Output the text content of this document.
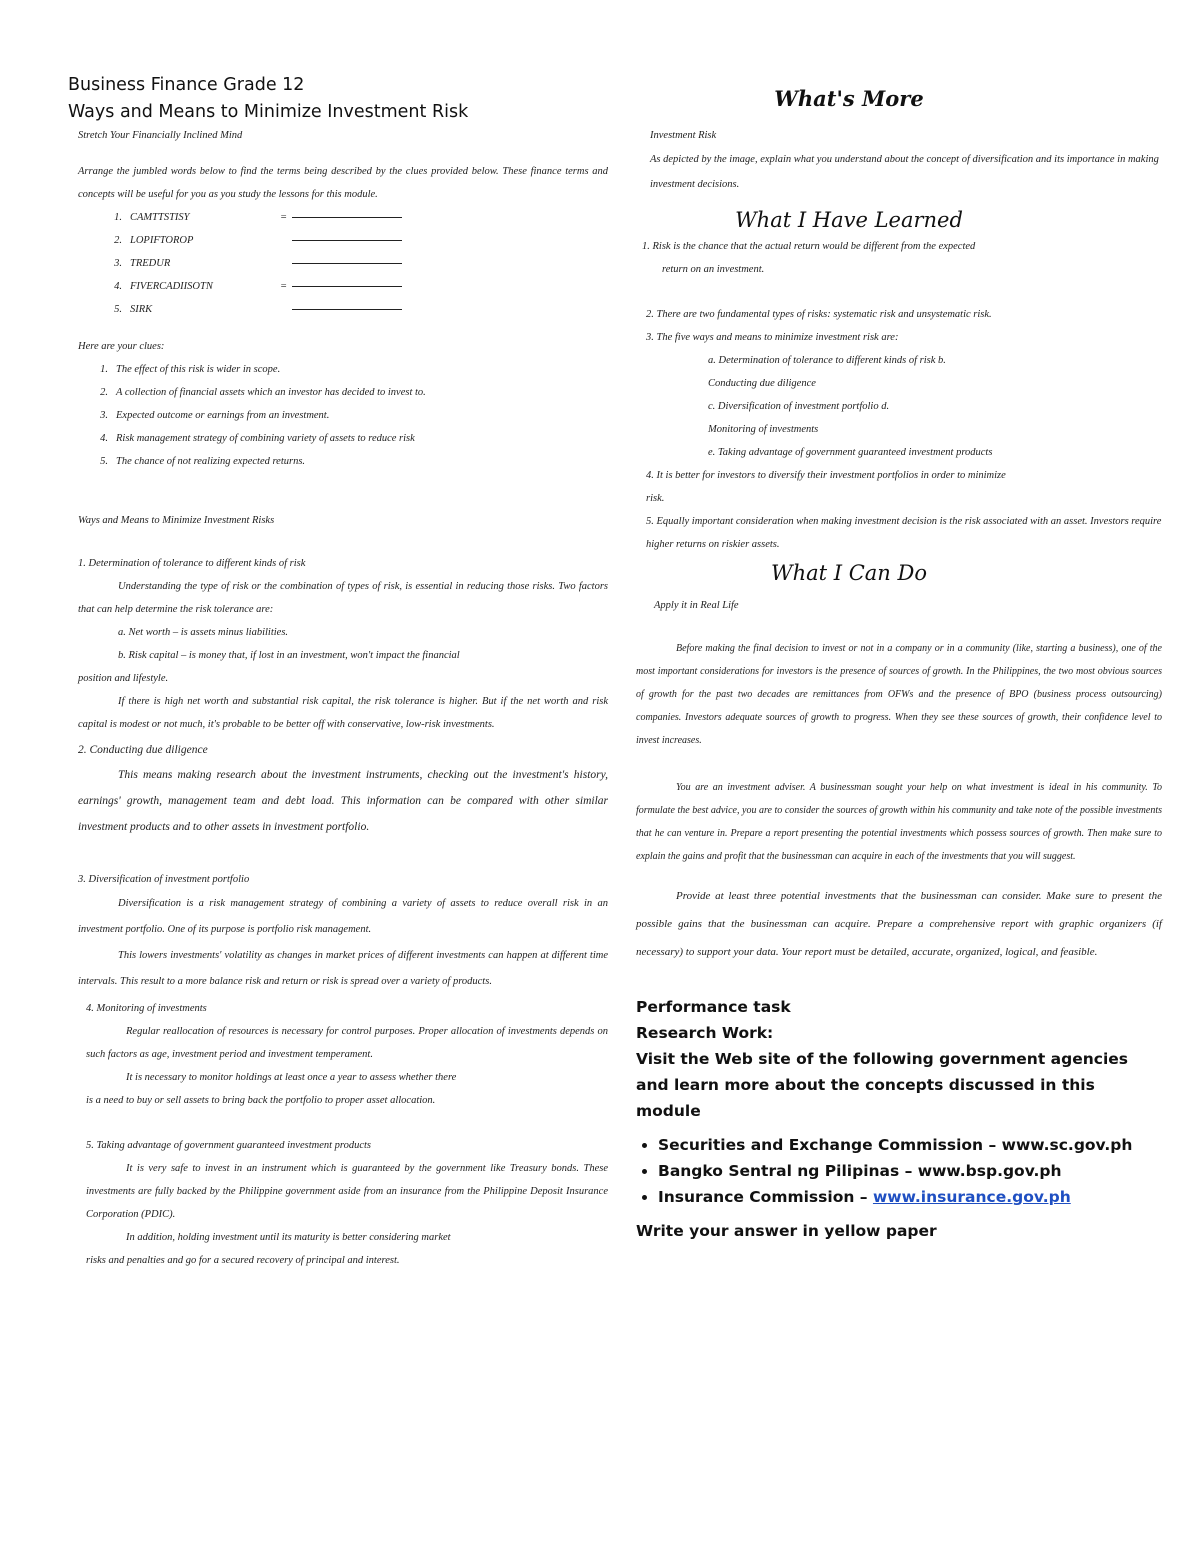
Business Finance Grade 12
Ways and Means to Minimize Investment Risk
Stretch Your Financially Inclined Mind
Arrange the jumbled words below to find the terms being described by the clues provided below. These finance terms and concepts will be useful for you as you study the lessons for this module.
1. CAMTTSTISY	=
2. LOPIFTOROP
3. TREDUR
4. FIVERCADIISOTN	=
5. SIRK
Here are your clues:
1. The effect of this risk is wider in scope.
2. A collection of financial assets which an investor has decided to invest to.
3. Expected outcome or earnings from an investment.
4. Risk management strategy of combining variety of assets to reduce risk
5. The chance of not realizing expected returns.
Ways and Means to Minimize Investment Risks
1. Determination of tolerance to different kinds of risk
Understanding the type of risk or the combination of types of risk, is essential in reducing those risks. Two factors that can help determine the risk tolerance are:
a. Net worth – is assets minus liabilities.
b. Risk capital – is money that, if lost in an investment, won't impact the financial
position and lifestyle.
If there is high net worth and substantial risk capital, the risk tolerance is higher. But if the net worth and risk capital is modest or not much, it's probable to be better off with conservative, low-risk investments.
2. Conducting due diligence
This means making research about the investment instruments, checking out the investment's history, earnings' growth, management team and debt load. This information can be compared with other similar investment products and to other assets in investment portfolio.
3. Diversification of investment portfolio
Diversification is a risk management strategy of combining a variety of assets to reduce overall risk in an investment portfolio. One of its purpose is portfolio risk management.
This lowers investments' volatility as changes in market prices of different investments can happen at different time intervals. This result to a more balance risk and return or risk is spread over a variety of products.
4. Monitoring of investments
Regular reallocation of resources is necessary for control purposes. Proper allocation of investments depends on such factors as age, investment period and investment temperament.
It is necessary to monitor holdings at least once a year to assess whether there
is a need to buy or sell assets to bring back the portfolio to proper asset allocation.
5. Taking advantage of government guaranteed investment products
It is very safe to invest in an instrument which is guaranteed by the government like Treasury bonds. These investments are fully backed by the Philippine government aside from an insurance from the Philippine Deposit Insurance Corporation (PDIC).
In addition, holding investment until its maturity is better considering market
risks and penalties and go for a secured recovery of principal and interest.
What's More
Investment Risk
As depicted by the image, explain what you understand about the concept of diversification and its importance in making investment decisions.
What I Have Learned
1. Risk is the chance that the actual return would be different from the expected
return on an investment.
2. There are two fundamental types of risks: systematic risk and unsystematic risk.
3. The five ways and means to minimize investment risk are:
a. Determination of tolerance to different kinds of risk b.
Conducting due diligence
c. Diversification of investment portfolio d.
Monitoring of investments
e. Taking advantage of government guaranteed investment products
4. It is better for investors to diversify their investment portfolios in order to minimize
risk.
5. Equally important consideration when making investment decision is the risk associated with an asset. Investors require higher returns on riskier assets.
What I Can Do
Apply it in Real Life
Before making the final decision to invest or not in a company or in a community (like, starting a business), one of the most important considerations for investors is the presence of sources of growth. In the Philippines, the two most obvious sources of growth for the past two decades are remittances from OFWs and the presence of BPO (business process outsourcing) companies. Investors adequate sources of growth to progress. When they see these sources of growth, their confidence level to invest increases.
You are an investment adviser. A businessman sought your help on what investment is ideal in his community. To formulate the best advice, you are to consider the sources of growth within his community and take note of the possible investments that he can venture in. Prepare a report presenting the potential investments which possess sources of growth. Then make sure to explain the gains and profit that the businessman can acquire in each of the investments that you will suggest.
Provide at least three potential investments that the businessman can consider. Make sure to present the possible gains that the businessman can acquire. Prepare a comprehensive report with graphic organizers (if necessary) to support your data. Your report must be detailed, accurate, organized, logical, and feasible.
Performance task
Research Work:
Visit the Web site of the following government agencies and learn more about the concepts discussed in this module
• Securities and Exchange Commission – www.sc.gov.ph
• Bangko Sentral ng Pilipinas – www.bsp.gov.ph
• Insurance Commission – www.insurance.gov.ph
Write your answer in yellow paper
